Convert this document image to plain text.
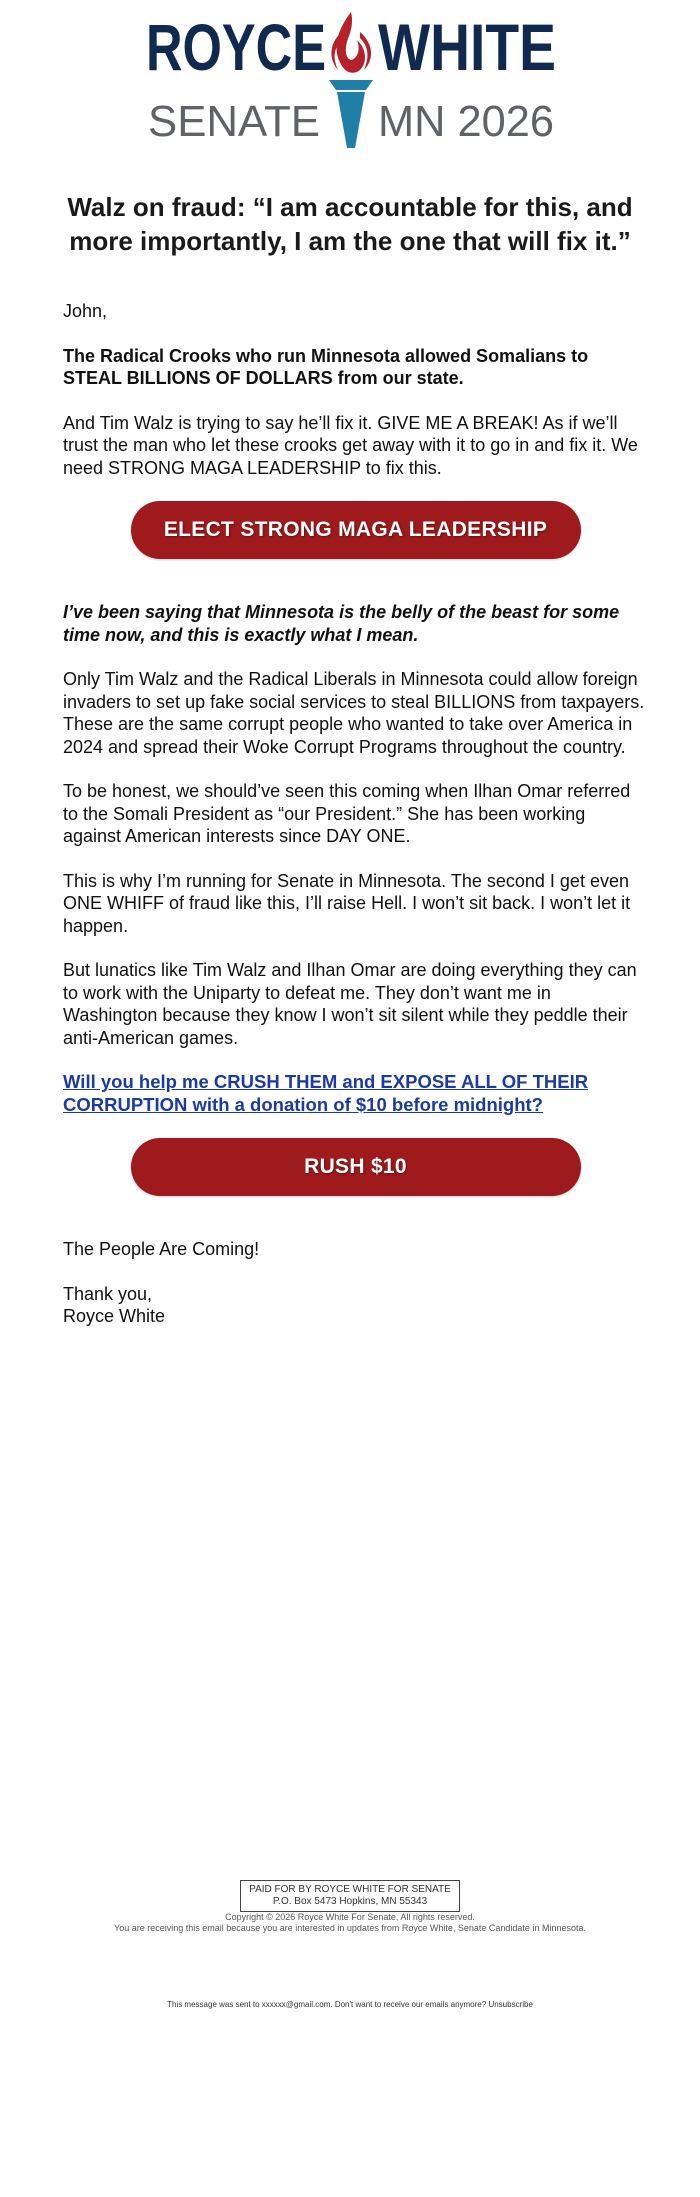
ROYCE WHITE
SENATE MN 2026
Walz on fraud: “I am accountable for this, and more importantly, I am the one that will fix it.”

John,

The Radical Crooks who run Minnesota allowed Somalians to STEAL BILLIONS OF DOLLARS from our state.

And Tim Walz is trying to say he’ll fix it. GIVE ME A BREAK! As if we’ll trust the man who let these crooks get away with it to go in and fix it. We need STRONG MAGA LEADERSHIP to fix this.

ELECT STRONG MAGA LEADERSHIP

I’ve been saying that Minnesota is the belly of the beast for some time now, and this is exactly what I mean.

Only Tim Walz and the Radical Liberals in Minnesota could allow foreign invaders to set up fake social services to steal BILLIONS from taxpayers. These are the same corrupt people who wanted to take over America in 2024 and spread their Woke Corrupt Programs throughout the country.

To be honest, we should’ve seen this coming when Ilhan Omar referred to the Somali President as “our President.” She has been working against American interests since DAY ONE.

This is why I’m running for Senate in Minnesota. The second I get even ONE WHIFF of fraud like this, I’ll raise Hell. I won’t sit back. I won’t let it happen.

But lunatics like Tim Walz and Ilhan Omar are doing everything they can to work with the Uniparty to defeat me. They don’t want me in Washington because they know I won’t sit silent while they peddle their anti-American games.

Will you help me CRUSH THEM and EXPOSE ALL OF THEIR CORRUPTION with a donation of $10 before midnight?

RUSH $10

The People Are Coming!

Thank you,
Royce White

PAID FOR BY ROYCE WHITE FOR SENATE
P.O. Box 5473 Hopkins, MN 55343
Copyright © 2026 Royce White For Senate, All rights reserved.
You are receiving this email because you are interested in updates from Royce White, Senate Candidate in Minnesota.
This message was sent to xxxxxx@gmail.com. Don't want to receive our emails anymore? Unsubscribe
